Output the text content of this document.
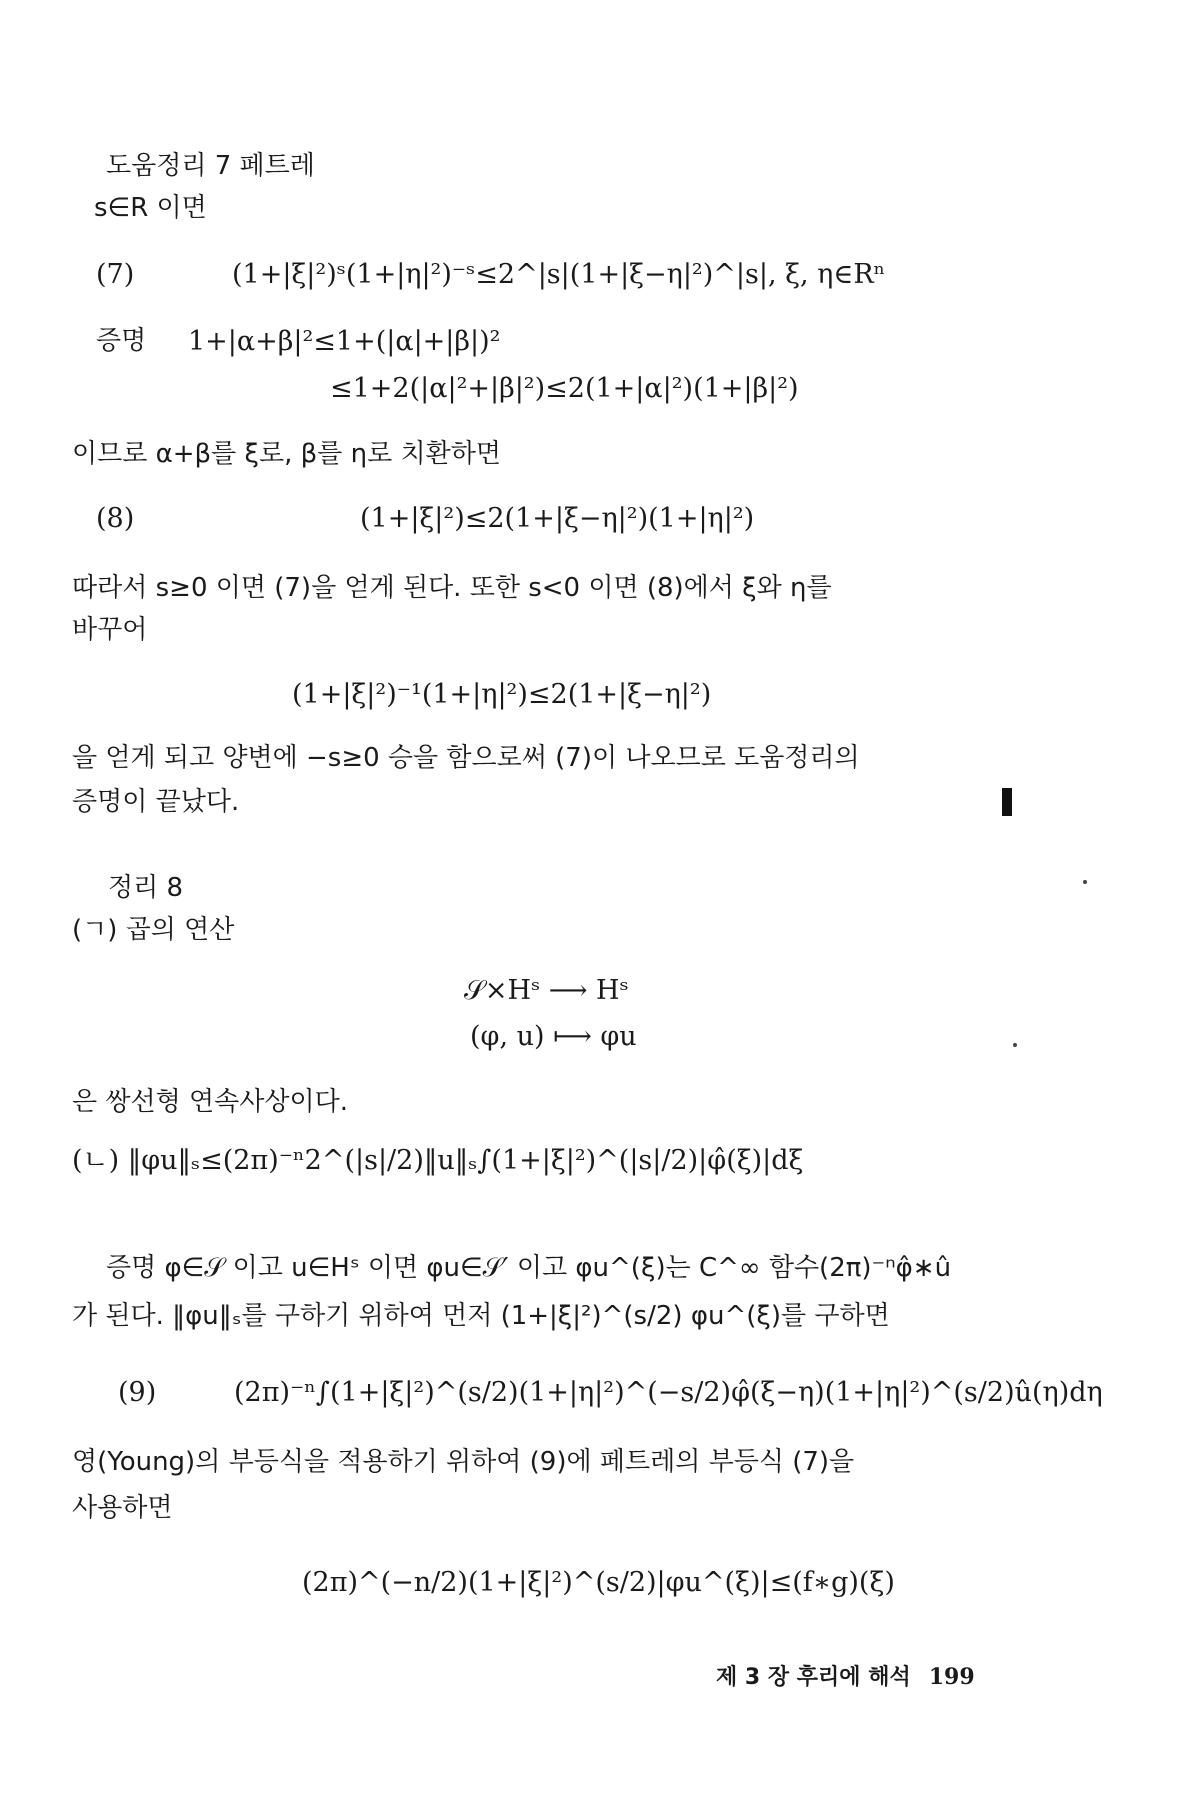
도움정리 7 페트레
s∈R 이면
(7)	(1+|ξ|²)ˢ(1+|η|²)⁻ˢ≤2^|s|(1+|ξ−η|²)^|s|, ξ, η∈Rⁿ
증명 1+|α+β|²≤1+(|α|+|β|)²
≤1+2(|α|²+|β|²)≤2(1+|α|²)(1+|β|²)
이므로 α+β를 ξ로, β를 η로 치환하면
(8)	(1+|ξ|²)≤2(1+|ξ−η|²)(1+|η|²)
따라서 s≥0 이면 (7)을 얻게 된다. 또한 s<0 이면 (8)에서 ξ와 η를
바꾸어
(1+|ξ|²)⁻¹(1+|η|²)≤2(1+|ξ−η|²)
을 얻게 되고 양변에 −s≥0 승을 함으로써 (7)이 나오므로 도움정리의
증명이 끝났다.
정리 8
(ㄱ) 곱의 연산
𝒮×Hˢ ⟶ Hˢ
(φ, u) ⟼ φu
은 쌍선형 연속사상이다.
(ㄴ) ‖φu‖ₛ≤(2π)⁻ⁿ2^(|s|/2)‖u‖ₛ∫(1+|ξ|²)^(|s|/2)|φ̂(ξ)|dξ
증명 φ∈𝒮 이고 u∈Hˢ 이면 φu∈𝒮′ 이고 φu^(ξ)는 C^∞ 함수(2π)⁻ⁿφ̂∗û
가 된다. ‖φu‖ₛ를 구하기 위하여 먼저 (1+|ξ|²)^(s/2) φu^(ξ)를 구하면
(9)	(2π)⁻ⁿ∫(1+|ξ|²)^(s/2)(1+|η|²)^(−s/2)φ̂(ξ−η)(1+|η|²)^(s/2)û(η)dη
영(Young)의 부등식을 적용하기 위하여 (9)에 페트레의 부등식 (7)을
사용하면
(2π)^(−n/2)(1+|ξ|²)^(s/2)|φu^(ξ)|≤(f∗g)(ξ)
제 3 장 후리에 해석 199
